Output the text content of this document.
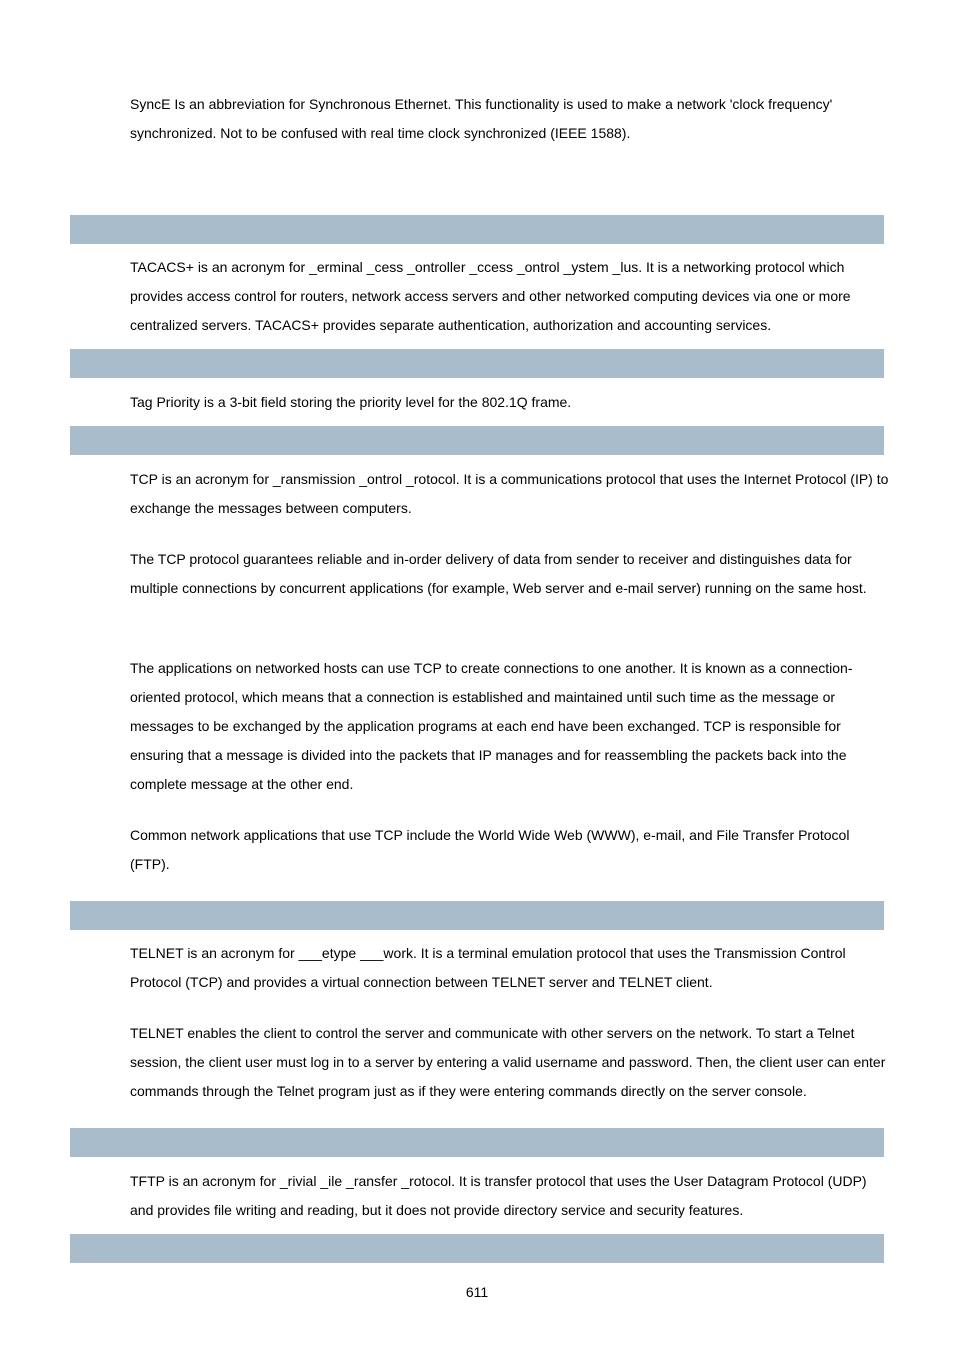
SyncE Is an abbreviation for Synchronous Ethernet. This functionality is used to make a network 'clock frequency' synchronized. Not to be confused with real time clock synchronized (IEEE 1588).

TACACS+ is an acronym for _erminal _cess _ontroller _ccess _ontrol _ystem _lus. It is a networking protocol which provides access control for routers, network access servers and other networked computing devices via one or more centralized servers. TACACS+ provides separate authentication, authorization and accounting services.

Tag Priority is a 3-bit field storing the priority level for the 802.1Q frame.

TCP is an acronym for _ransmission _ontrol _rotocol. It is a communications protocol that uses the Internet Protocol (IP) to exchange the messages between computers.

The TCP protocol guarantees reliable and in-order delivery of data from sender to receiver and distinguishes data for multiple connections by concurrent applications (for example, Web server and e-mail server) running on the same host.

The applications on networked hosts can use TCP to create connections to one another. It is known as a connection-oriented protocol, which means that a connection is established and maintained until such time as the message or messages to be exchanged by the application programs at each end have been exchanged. TCP is responsible for ensuring that a message is divided into the packets that IP manages and for reassembling the packets back into the complete message at the other end.

Common network applications that use TCP include the World Wide Web (WWW), e-mail, and File Transfer Protocol (FTP).

TELNET is an acronym for ___etype ___work. It is a terminal emulation protocol that uses the Transmission Control Protocol (TCP) and provides a virtual connection between TELNET server and TELNET client.

TELNET enables the client to control the server and communicate with other servers on the network. To start a Telnet session, the client user must log in to a server by entering a valid username and password. Then, the client user can enter commands through the Telnet program just as if they were entering commands directly on the server console.

TFTP is an acronym for _rivial _ile _ransfer _rotocol. It is transfer protocol that uses the User Datagram Protocol (UDP) and provides file writing and reading, but it does not provide directory service and security features.

611
